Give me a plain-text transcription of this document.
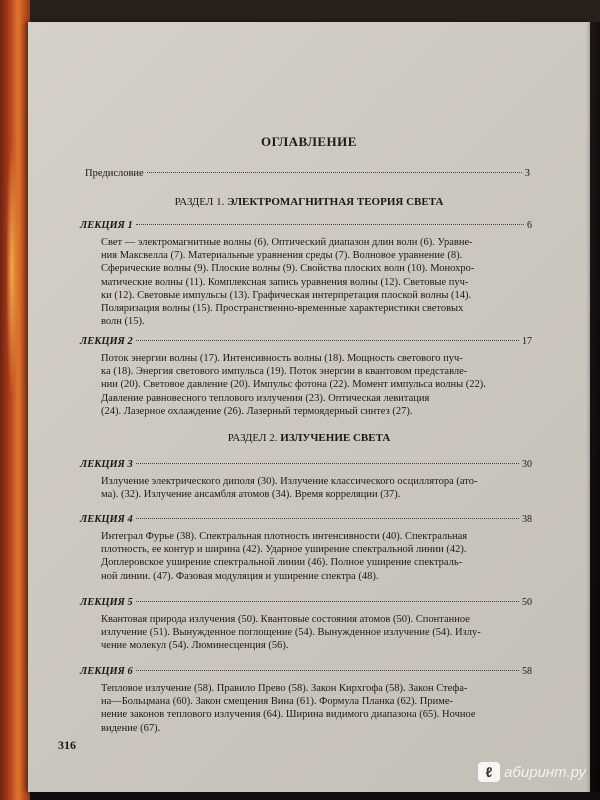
ОГЛАВЛЕНИЕ
Предисловие	3
РАЗДЕЛ 1. ЭЛЕКТРОМАГНИТНАЯ ТЕОРИЯ СВЕТА
ЛЕКЦИЯ 1	6

Свет — электромагнитные волны (6). Оптический диапазон длин волн (6). Уравне-

ния Максвелла (7). Материальные уравнения среды (7). Волновое уравнение (8).

Сферические волны (9). Плоские волны (9). Свойства плоских волн (10). Монохро-

матические волны (11). Комплексная запись уравнения волны (12). Световые пуч-

ки (12). Световые импульсы (13). Графическая интерпретация плоской волны (14).

Поляризация волны (15). Пространственно-временные характеристики световых

волн (15).

ЛЕКЦИЯ 2	17

Поток энергии волны (17). Интенсивность волны (18). Мощность светового пуч-

ка (18). Энергия светового импульса (19). Поток энергии в квантовом представле-

нии (20). Световое давление (20). Импульс фотона (22). Момент импульса волны (22).

Давление равновесного теплового излучения (23). Оптическая левитация

(24). Лазерное охлаждение (26). Лазерный термоядерный синтез (27).

РАЗДЕЛ 2. ИЗЛУЧЕНИЕ СВЕТА
ЛЕКЦИЯ 3	30

Излучение электрического диполя (30). Излучение классического осциллятора (ато-

ма). (32). Излучение ансамбля атомов (34). Время корреляции (37).

ЛЕКЦИЯ 4	38

Интеграл Фурье (38). Спектральная плотность интенсивности (40). Спектральная

плотность, ее контур и ширина (42). Ударное уширение спектральной линии (42).

Доплеровское уширение спектральной линии (46). Полное уширение спектраль-

ной линии. (47). Фазовая модуляция и уширение спектра (48).

ЛЕКЦИЯ 5	50

Квантовая природа излучения (50). Квантовые состояния атомов (50). Спонтанное

излучение (51). Вынужденное поглощение (54). Вынужденное излучение (54). Излу-

чение молекул (54). Люминесценция (56).

ЛЕКЦИЯ 6	58

Тепловое излучение (58). Правило Прево (58). Закон Кирхгофа (58). Закон Стефа-

на—Больцмана (60). Закон смещения Вина (61). Формула Планка (62). Приме-

нение законов теплового излучения (64). Ширина видимого диапазона (65). Ночное

видение (67).

316
ℓ абиринт.ру
